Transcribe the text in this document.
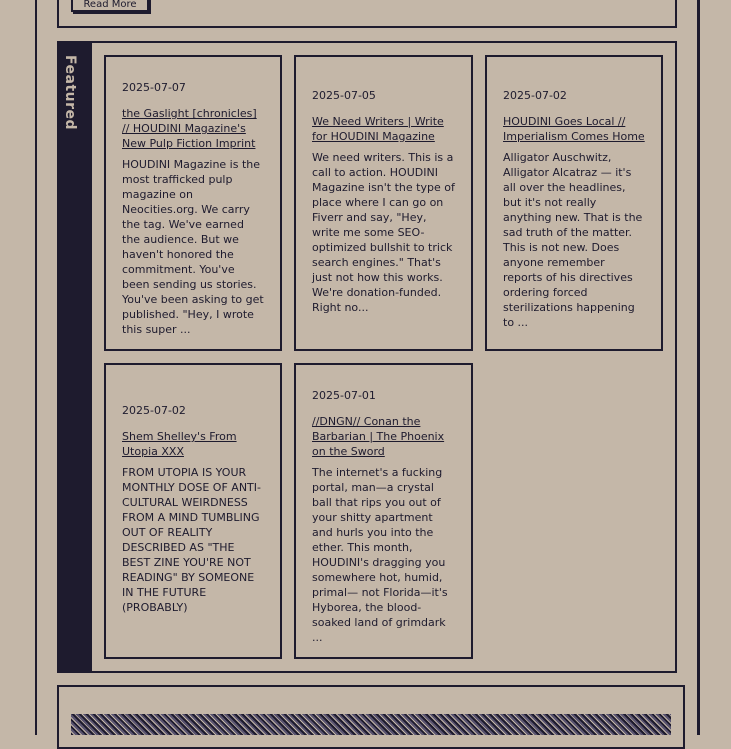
Read More
Featured	2025-07-07
the Gaslight [chronicles] // HOUDINI Magazine's New Pulp Fiction Imprint

HOUDINI Magazine is the most trafficked pulp magazine on Neocities.org. We carry the tag. We've earned the audience. But we haven't honored the commitment. You've been sending us stories. You've been asking to get published. "Hey, I wrote this super ...

2025-07-05
We Need Writers | Write for HOUDINI Magazine

We need writers. This is a call to action. HOUDINI Magazine isn't the type of place where I can go on Fiverr and say, "Hey, write me some SEO-optimized bullshit to trick search engines." That's just not how this works. We're donation-funded. Right no...

2025-07-02
HOUDINI Goes Local // Imperialism Comes Home

Alligator Auschwitz, Alligator Alcatraz — it's all over the headlines, but it's not really anything new. That is the sad truth of the matter. This is not new. Does anyone remember reports of his directives ordering forced sterilizations happening to ...

2025-07-02
Shem Shelley's From Utopia XXX

FROM UTOPIA IS YOUR MONTHLY DOSE OF ANTI-CULTURAL WEIRDNESS FROM A MIND TUMBLING OUT OF REALITY DESCRIBED AS "THE BEST ZINE YOU'RE NOT READING" BY SOMEONE IN THE FUTURE (PROBABLY)

2025-07-01
//DNGN// Conan the Barbarian | The Phoenix on the Sword

The internet's a fucking portal, man—a crystal ball that rips you out of your shitty apartment and hurls you into the ether. This month, HOUDINI's dragging you somewhere hot, humid, primal— not Florida—it's Hyborea, the blood-soaked land of grimdark ...
